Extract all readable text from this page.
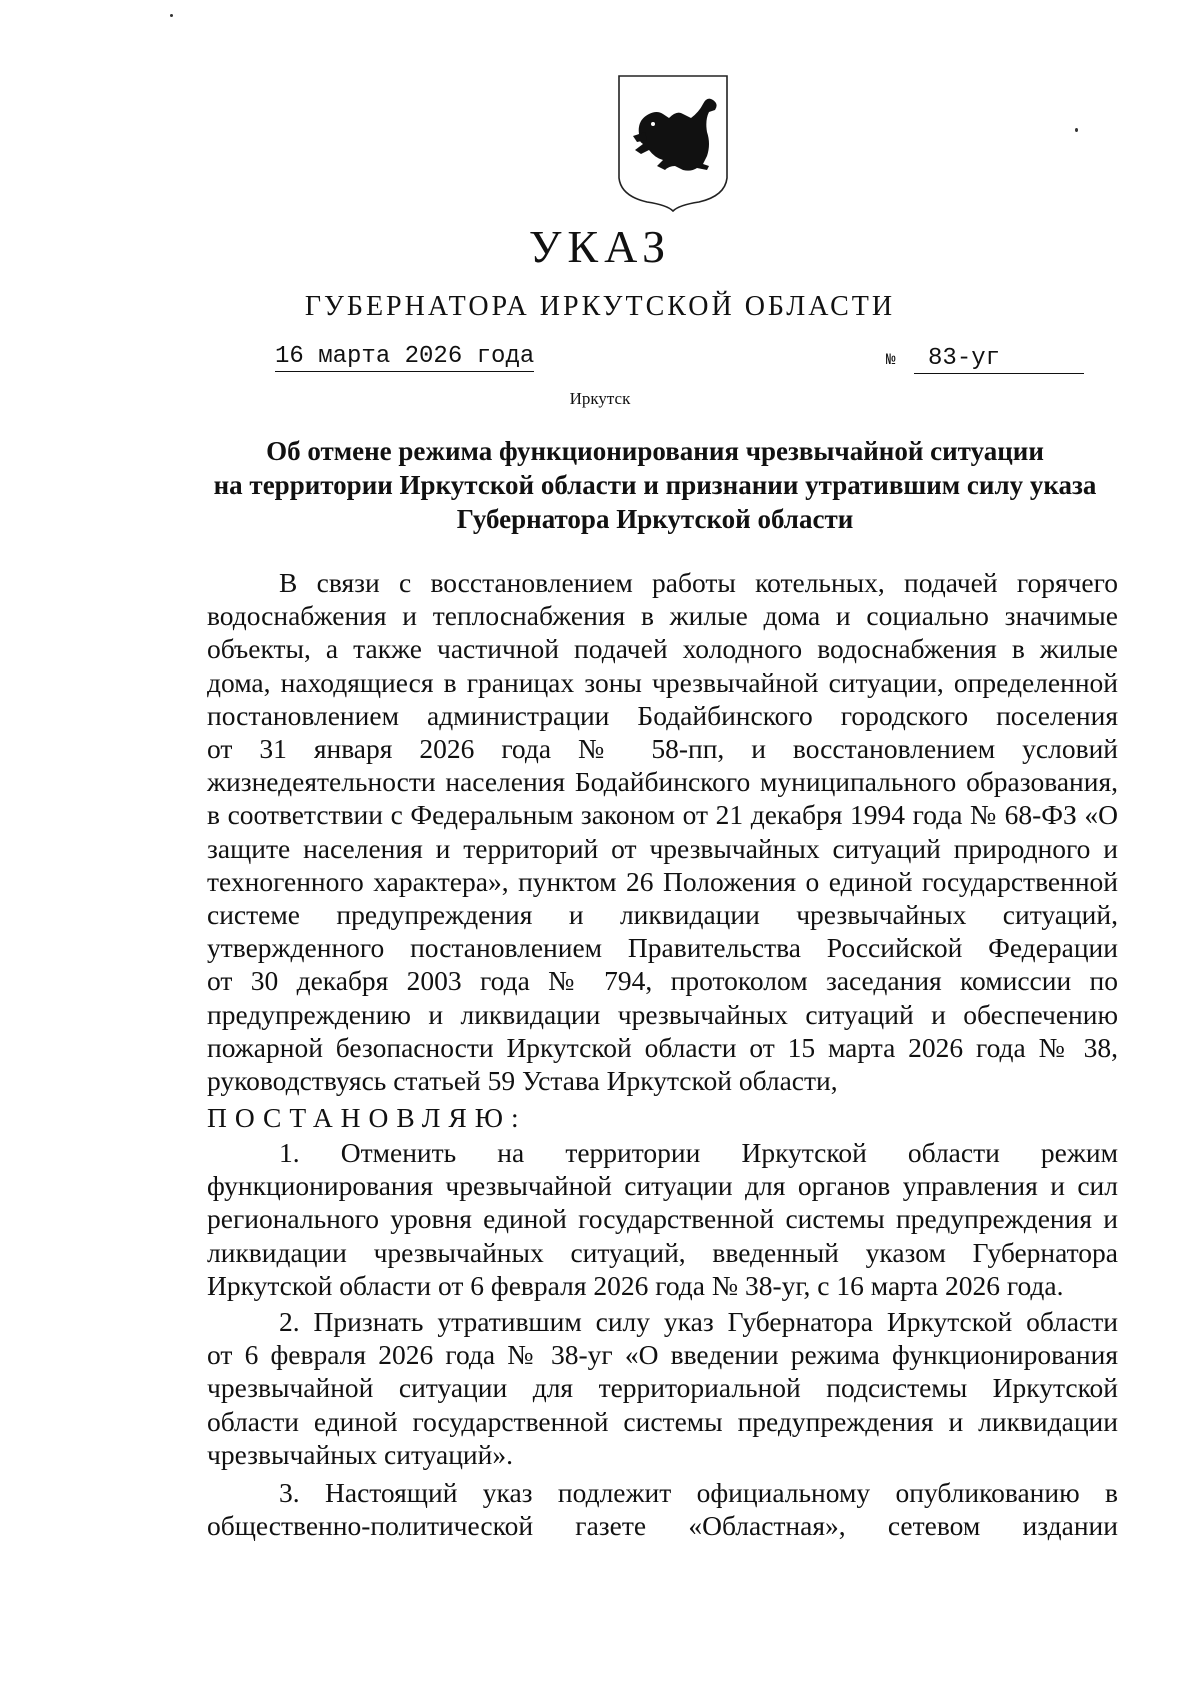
УКАЗ
ГУБЕРНАТОРА ИРКУТСКОЙ ОБЛАСТИ
16 марта 2026 года	№ 83-уг
Иркутск
Об отмене режима функционирования чрезвычайной ситуации
на территории Иркутской области и признании утратившим силу указа
Губернатора Иркутской области
В связи с восстановлением работы котельных, подачей горячего
водоснабжения и теплоснабжения в жилые дома и социально значимые
объекты, а также частичной подачей холодного водоснабжения в жилые
дома, находящиеся в границах зоны чрезвычайной ситуации, определенной
постановлением администрации Бодайбинского городского поселения
от 31 января 2026 года № 58-пп, и восстановлением условий
жизнедеятельности населения Бодайбинского муниципального образования,
в соответствии с Федеральным законом от 21 декабря 1994 года № 68-ФЗ «О
защите населения и территорий от чрезвычайных ситуаций природного и
техногенного характера», пунктом 26 Положения о единой государственной
системе предупреждения и ликвидации чрезвычайных ситуаций,
утвержденного постановлением Правительства Российской Федерации
от 30 декабря 2003 года № 794, протоколом заседания комиссии по
предупреждению и ликвидации чрезвычайных ситуаций и обеспечению
пожарной безопасности Иркутской области от 15 марта 2026 года № 38,
руководствуясь статьей 59 Устава Иркутской области,
ПОСТАНОВЛЯЮ:
1. Отменить на территории Иркутской области режим
функционирования чрезвычайной ситуации для органов управления и сил
регионального уровня единой государственной системы предупреждения и
ликвидации чрезвычайных ситуаций, введенный указом Губернатора
Иркутской области от 6 февраля 2026 года № 38-уг, с 16 марта 2026 года.
2. Признать утратившим силу указ Губернатора Иркутской области
от 6 февраля 2026 года № 38-уг «О введении режима функционирования
чрезвычайной ситуации для территориальной подсистемы Иркутской
области единой государственной системы предупреждения и ликвидации
чрезвычайных ситуаций».
3. Настоящий указ подлежит официальному опубликованию в
общественно-политической газете «Областная», сетевом издании
